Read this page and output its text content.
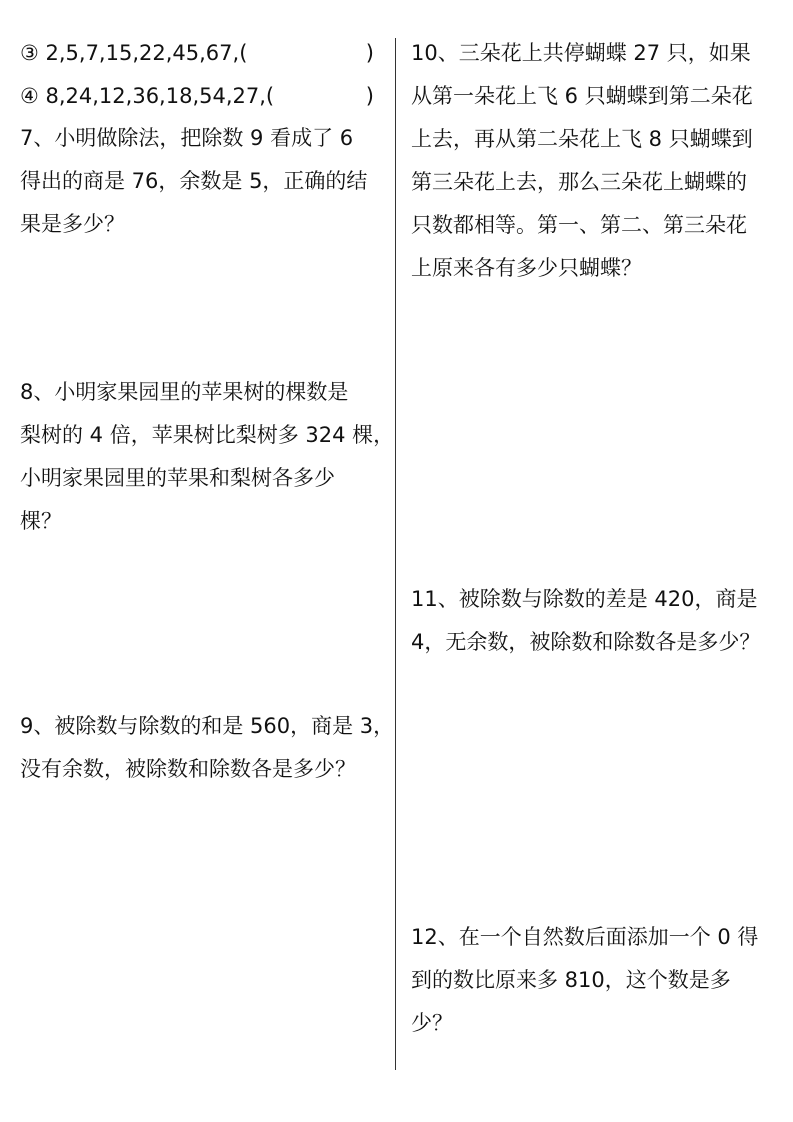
③ 2,5,7,15,22,45,67,(	)
④ 8,24,12,36,18,54,27,(	)
7、小明做除法，把除数 9 看成了 6
得出的商是 76，余数是 5，正确的结
果是多少？
8、小明家果园里的苹果树的棵数是
梨树的 4 倍，苹果树比梨树多 324 棵，
小明家果园里的苹果和梨树各多少
棵？
9、被除数与除数的和是 560，商是 3，
没有余数，被除数和除数各是多少？
10、三朵花上共停蝴蝶 27 只，如果
从第一朵花上飞 6 只蝴蝶到第二朵花
上去，再从第二朵花上飞 8 只蝴蝶到
第三朵花上去，那么三朵花上蝴蝶的
只数都相等。第一、第二、第三朵花
上原来各有多少只蝴蝶？
11、被除数与除数的差是 420，商是
4，无余数，被除数和除数各是多少？
12、在一个自然数后面添加一个 0 得
到的数比原来多 810，这个数是多
少？
